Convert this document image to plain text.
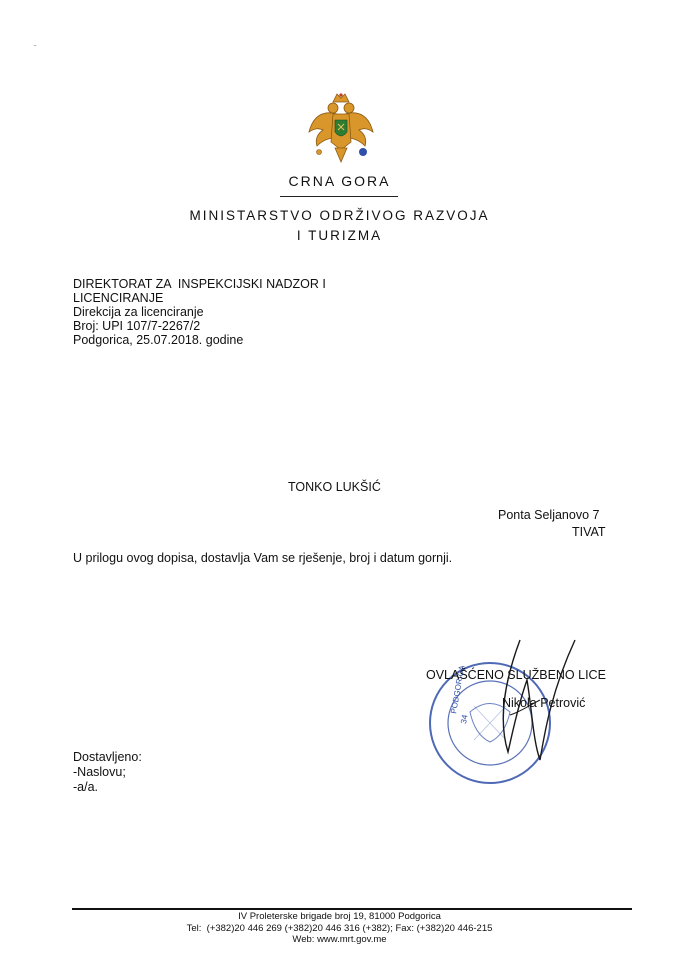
˘
CRNA GORA
MINISTARSTVO ODRŽIVOG RAZVOJA
I TURIZMA
DIREKTORAT ZA  INSPEKCIJSKI NADZOR I
LICENCIRANJE
Direkcija za licenciranje
Broj: UPI 107/7-2267/2
Podgorica, 25.07.2018. godine
TONKO LUKŠIĆ
Ponta Seljanovo 7
TIVAT
U prilogu ovog dopisa, dostavlja Vam se rješenje, broj i datum gornji.
PODGORICA
34
OVLAŠĆENO SLUŽBENO LICE
Nikola Petrović
Dostavljeno:
-Naslovu;
-a/a.
IV Proleterske brigade broj 19, 81000 Podgorica
Tel:  (+382)20 446 269 (+382)20 446 316 (+382); Fax: (+382)20 446-215
Web: www.mrt.gov.me
